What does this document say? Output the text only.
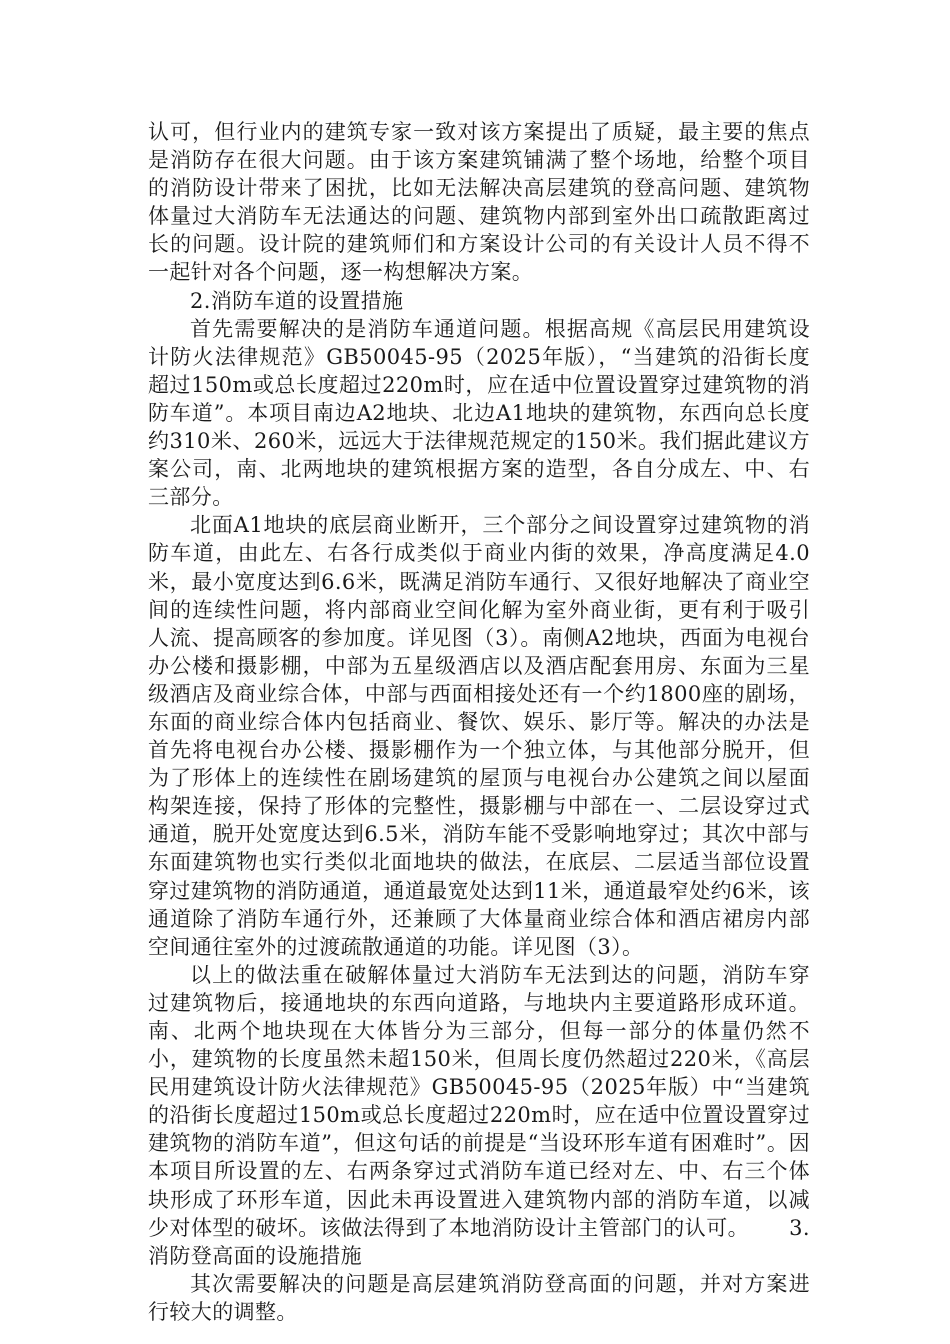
认可，但行业内的建筑专家一致对该方案提出了质疑，最主要的焦点是消防存在很大问题。由于该方案建筑铺满了整个场地，给整个项目的消防设计带来了困扰，比如无法解决高层建筑的登高问题、建筑物体量过大消防车无法通达的问题、建筑物内部到室外出口疏散距离过长的问题。设计院的建筑师们和方案设计公司的有关设计人员不得不一起针对各个问题，逐一构想解决方案。

2.消防车道的设置措施

首先需要解决的是消防车通道问题。根据高规《高层民用建筑设计防火法律规范》GB50045-95（2025年版），“当建筑的沿街长度超过150m或总长度超过220m时，应在适中位置设置穿过建筑物的消防车道”。本项目南边A2地块、北边A1地块的建筑物，东西向总长度约310米、260米，远远大于法律规范规定的150米。我们据此建议方案公司，南、北两地块的建筑根据方案的造型，各自分成左、中、右三部分。

北面A1地块的底层商业断开，三个部分之间设置穿过建筑物的消防车道，由此左、右各行成类似于商业内街的效果，净高度满足4.0米，最小宽度达到6.6米，既满足消防车通行、又很好地解决了商业空间的连续性问题，将内部商业空间化解为室外商业街，更有利于吸引人流、提高顾客的参加度。详见图（3）。南侧A2地块，西面为电视台办公楼和摄影棚，中部为五星级酒店以及酒店配套用房、东面为三星级酒店及商业综合体，中部与西面相接处还有一个约1800座的剧场，东面的商业综合体内包括商业、餐饮、娱乐、影厅等。解决的办法是首先将电视台办公楼、摄影棚作为一个独立体，与其他部分脱开，但为了形体上的连续性在剧场建筑的屋顶与电视台办公建筑之间以屋面构架连接，保持了形体的完整性，摄影棚与中部在一、二层设穿过式通道，脱开处宽度达到6.5米，消防车能不受影响地穿过；其次中部与东面建筑物也实行类似北面地块的做法，在底层、二层适当部位设置穿过建筑物的消防通道，通道最宽处达到11米，通道最窄处约6米，该通道除了消防车通行外，还兼顾了大体量商业综合体和酒店裙房内部空间通往室外的过渡疏散通道的功能。详见图（3）。

以上的做法重在破解体量过大消防车无法到达的问题，消防车穿过建筑物后，接通地块的东西向道路，与地块内主要道路形成环道。南、北两个地块现在大体皆分为三部分，但每一部分的体量仍然不小，建筑物的长度虽然未超150米，但周长度仍然超过220米，《高层民用建筑设计防火法律规范》GB50045-95（2025年版）中“当建筑的沿街长度超过150m或总长度超过220m时，应在适中位置设置穿过建筑物的消防车道”，但这句话的前提是“当设环形车道有困难时”。因本项目所设置的左、右两条穿过式消防车道已经对左、中、右三个体块形成了环形车道，因此未再设置进入建筑物内部的消防车道，以减少对体型的破坏。该做法得到了本地消防设计主管部门的认可。 3.消防登高面的设施措施

其次需要解决的问题是高层建筑消防登高面的问题，并对方案进行较大的调整。
